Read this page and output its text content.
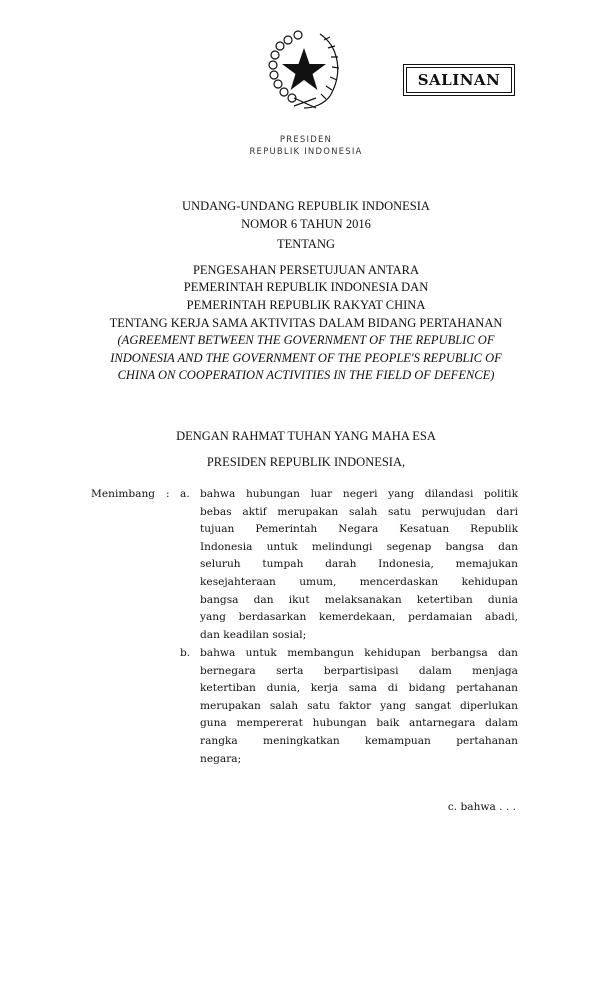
SALINAN
PRESIDEN
REPUBLIK INDONESIA
UNDANG-UNDANG REPUBLIK INDONESIA
NOMOR 6 TAHUN 2016
TENTANG
PENGESAHAN PERSETUJUAN ANTARA
PEMERINTAH REPUBLIK INDONESIA DAN
PEMERINTAH REPUBLIK RAKYAT CHINA
TENTANG KERJA SAMA AKTIVITAS DALAM BIDANG PERTAHANAN
(AGREEMENT BETWEEN THE GOVERNMENT OF THE REPUBLIC OF
INDONESIA AND THE GOVERNMENT OF THE PEOPLE'S REPUBLIC OF
CHINA ON COOPERATION ACTIVITIES IN THE FIELD OF DEFENCE)
DENGAN RAHMAT TUHAN YANG MAHA ESA
PRESIDEN REPUBLIK INDONESIA,
Menimbang : a. bahwa hubungan luar negeri yang dilandasi politik
bebas aktif merupakan salah satu perwujudan dari
tujuan Pemerintah Negara Kesatuan Republik
Indonesia untuk melindungi segenap bangsa dan
seluruh tumpah darah Indonesia, memajukan
kesejahteraan umum, mencerdaskan kehidupan
bangsa dan ikut melaksanakan ketertiban dunia
yang berdasarkan kemerdekaan, perdamaian abadi,
dan keadilan sosial;
b. bahwa untuk membangun kehidupan berbangsa dan
bernegara serta berpartisipasi dalam menjaga
ketertiban dunia, kerja sama di bidang pertahanan
merupakan salah satu faktor yang sangat diperlukan
guna mempererat hubungan baik antarnegara dalam
rangka meningkatkan kemampuan pertahanan
negara;
c. bahwa . . .
